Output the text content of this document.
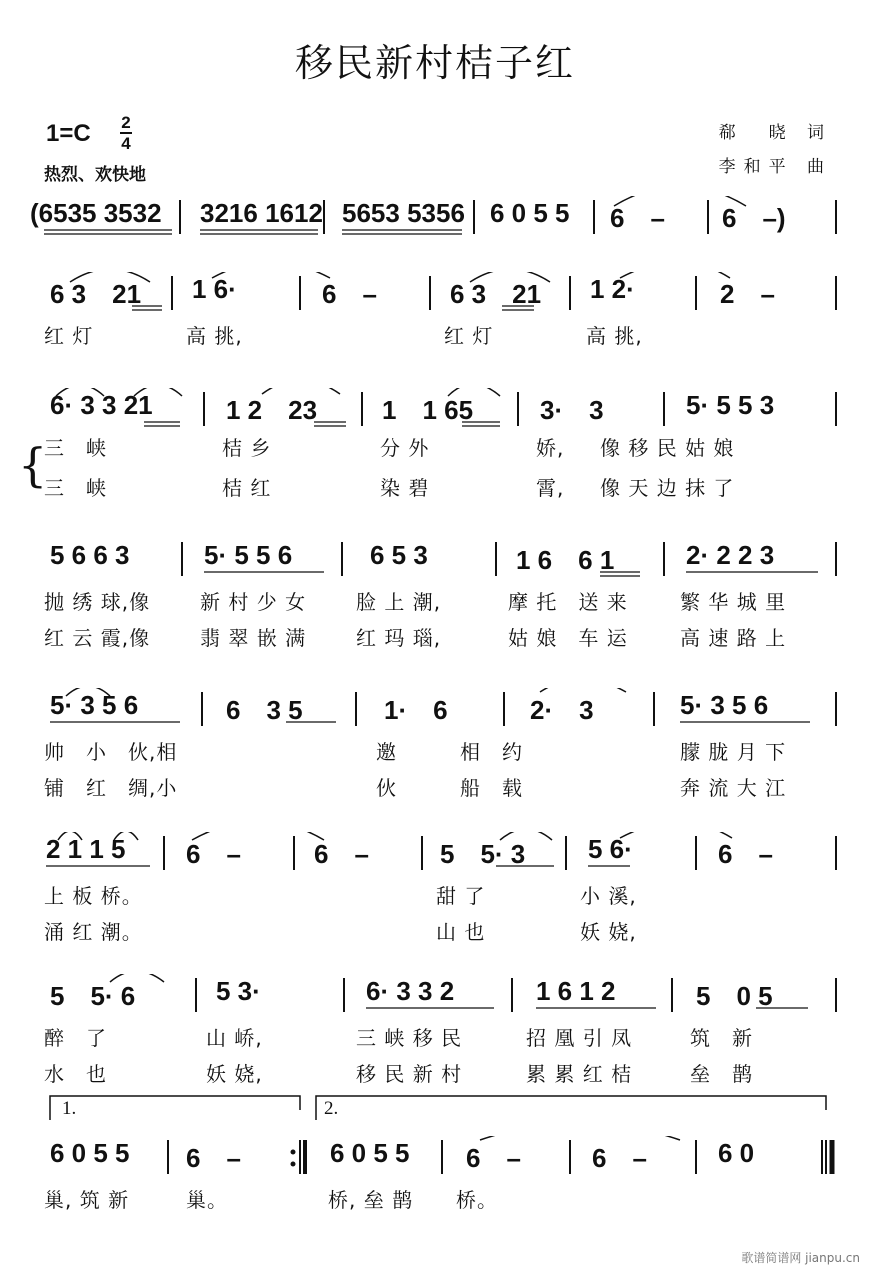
移民新村桔子红
1=C 2
4
热烈、欢快地
郗　晓 词
李和平 曲
(6535 3532 3216 1612 5653 5356 6 0 5 5 6　– 6　–)
6 3　21 1 6·	6　–	6 3　21 1 2·	2　–
红 灯	高 挑,	红 灯	高 挑,
{
6· 3 3 21	1 2　23 1　1 65	3·　3	5· 5 5 3
三　峡	桔 乡	分 外	娇, 像 移 民 姑 娘
三　峡	桔 红	染 碧	霄, 像 天 边 抹 了
5 6 6 3	5· 5 5 6	6 5 3	1 6　6 1	2· 2 2 3
抛 绣 球,像 新 村 少 女 脸 上 潮,	摩 托　送 来	繁 华 城 里
红 云 霞,像 翡 翠 嵌 满 红 玛 瑙,	姑 娘　车 运	高 速 路 上
5· 3 5 6	6　3 5	1·　6	2·　3	5· 3 5 6
帅　小　伙,相	邀	相　约	朦 胧 月 下
铺　红　绸,小	伙	船　载	奔 流 大 江
2 1 1 5 6　–	6　–	5　5· 3 5 6·	6　–
上 板 桥。	甜 了	小 溪,
涌 红 潮。	山 也	妖 娆,
5　5· 6	5 3·	6· 3 3 2	1 6 1 2	5　0 5
醉　了	山 峤,	三 峡 移 民	招 凰 引 凤	筑　新
水　也	妖 娆,	移 民 新 村	累 累 红 桔	垒　鹊
1.	2.
6 0 5 5 6　–	6 0 5 5 6　–	6　–	6 0
巢, 筑 新	巢。	桥, 垒 鹊 桥。
歌谱简谱网 jianpu.cn
